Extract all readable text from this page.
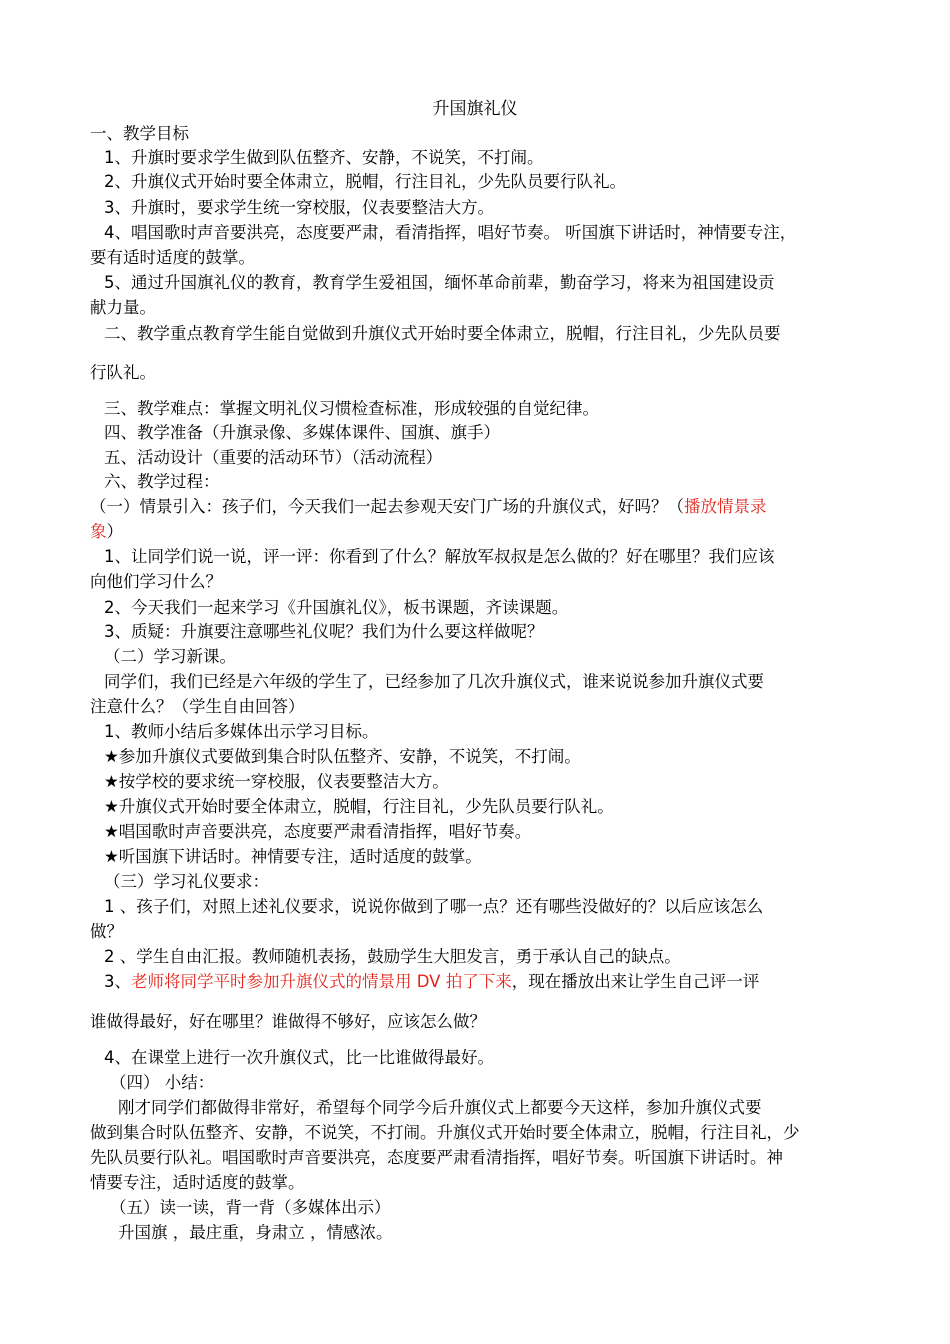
升国旗礼仪
一、教学目标
1、升旗时要求学生做到队伍整齐、安静，不说笑，不打闹。
2、升旗仪式开始时要全体肃立，脱帽，行注目礼，少先队员要行队礼。
3、升旗时，要求学生统一穿校服，仪表要整洁大方。
4、唱国歌时声音要洪亮，态度要严肃，看清指挥，唱好节奏。 听国旗下讲话时，神情要专注，
要有适时适度的鼓掌。
5、通过升国旗礼仪的教育，教育学生爱祖国，缅怀革命前辈，勤奋学习，将来为祖国建设贡
献力量。
二、教学重点教育学生能自觉做到升旗仪式开始时要全体肃立，脱帽，行注目礼，少先队员要
行队礼。
三、教学难点：掌握文明礼仪习惯检查标准，形成较强的自觉纪律。
四、教学准备（升旗录像、多媒体课件、国旗、旗手）
五、活动设计（重要的活动环节）（活动流程）
六、教学过程：
（一）情景引入：孩子们，今天我们一起去参观天安门广场的升旗仪式，好吗？（播放情景录
象）
1、让同学们说一说，评一评：你看到了什么？解放军叔叔是怎么做的？好在哪里？我们应该
向他们学习什么？
2、今天我们一起来学习《升国旗礼仪》，板书课题，齐读课题。
3、质疑：升旗要注意哪些礼仪呢？我们为什么要这样做呢？
（二）学习新课。
同学们，我们已经是六年级的学生了，已经参加了几次升旗仪式，谁来说说参加升旗仪式要
注意什么？（学生自由回答）
1、教师小结后多媒体出示学习目标。
★参加升旗仪式要做到集合时队伍整齐、安静，不说笑，不打闹。
★按学校的要求统一穿校服，仪表要整洁大方。
★升旗仪式开始时要全体肃立，脱帽，行注目礼，少先队员要行队礼。
★唱国歌时声音要洪亮，态度要严肃看清指挥，唱好节奏。
★听国旗下讲话时。神情要专注，适时适度的鼓掌。
（三）学习礼仪要求：
1 、孩子们，对照上述礼仪要求，说说你做到了哪一点？还有哪些没做好的？以后应该怎么
做？
2 、学生自由汇报。教师随机表扬，鼓励学生大胆发言，勇于承认自己的缺点。
3、老师将同学平时参加升旗仪式的情景用 DV 拍了下来，现在播放出来让学生自己评一评
谁做得最好，好在哪里？谁做得不够好，应该怎么做？
4、在课堂上进行一次升旗仪式，比一比谁做得最好。
（四） 小结：
刚才同学们都做得非常好，希望每个同学今后升旗仪式上都要今天这样，参加升旗仪式要
做到集合时队伍整齐、安静，不说笑，不打闹。升旗仪式开始时要全体肃立，脱帽，行注目礼，少
先队员要行队礼。唱国歌时声音要洪亮，态度要严肃看清指挥，唱好节奏。听国旗下讲话时。神
情要专注，适时适度的鼓掌。
（五）读一读，背一背（多媒体出示）
升国旗 ，最庄重，身肃立 ，情感浓。
